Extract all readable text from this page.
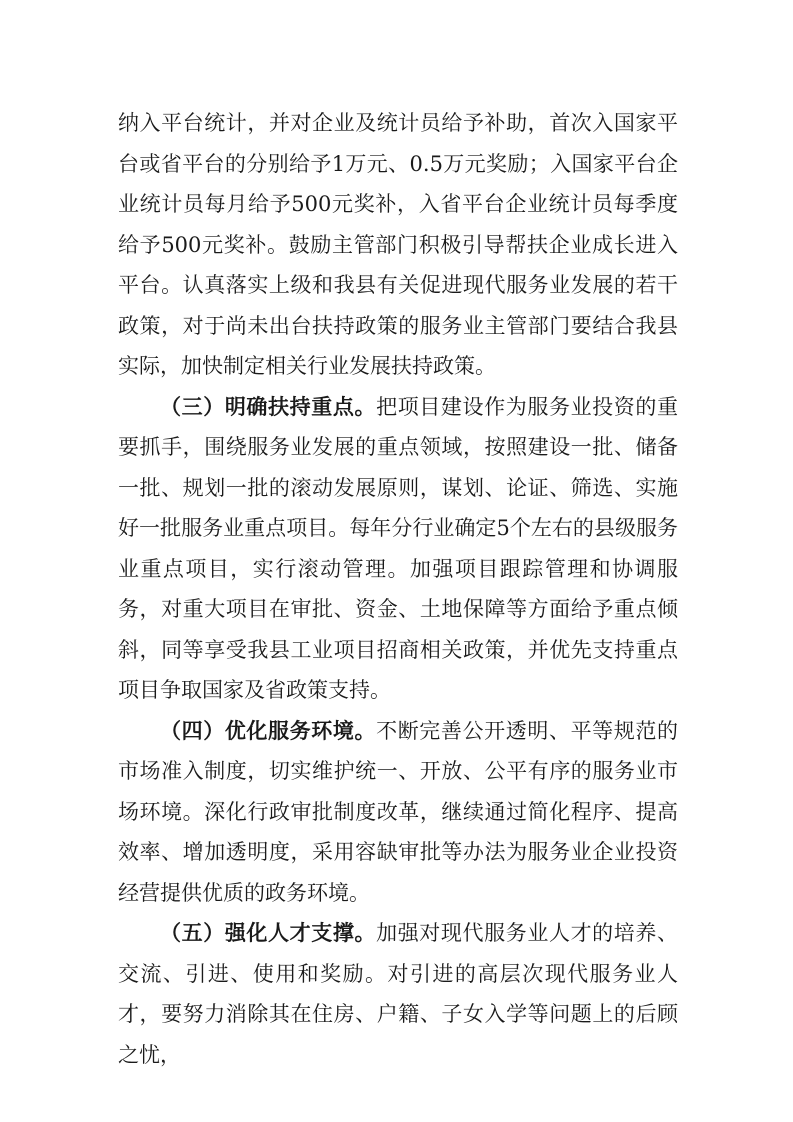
纳入平台统计，并对企业及统计员给予补助，首次入国家平台或省平台的分别给予1万元、0.5万元奖励；入国家平台企业统计员每月给予500元奖补，入省平台企业统计员每季度给予500元奖补。鼓励主管部门积极引导帮扶企业成长进入平台。认真落实上级和我县有关促进现代服务业发展的若干政策，对于尚未出台扶持政策的服务业主管部门要结合我县实际，加快制定相关行业发展扶持政策。

（三）明确扶持重点。把项目建设作为服务业投资的重要抓手，围绕服务业发展的重点领域，按照建设一批、储备一批、规划一批的滚动发展原则，谋划、论证、筛选、实施好一批服务业重点项目。每年分行业确定5个左右的县级服务业重点项目，实行滚动管理。加强项目跟踪管理和协调服务，对重大项目在审批、资金、土地保障等方面给予重点倾斜，同等享受我县工业项目招商相关政策，并优先支持重点项目争取国家及省政策支持。

（四）优化服务环境。不断完善公开透明、平等规范的市场准入制度，切实维护统一、开放、公平有序的服务业市场环境。深化行政审批制度改革，继续通过简化程序、提高效率、增加透明度，采用容缺审批等办法为服务业企业投资经营提供优质的政务环境。

（五）强化人才支撑。加强对现代服务业人才的培养、交流、引进、使用和奖励。对引进的高层次现代服务业人才，要努力消除其在住房、户籍、子女入学等问题上的后顾之忧，
